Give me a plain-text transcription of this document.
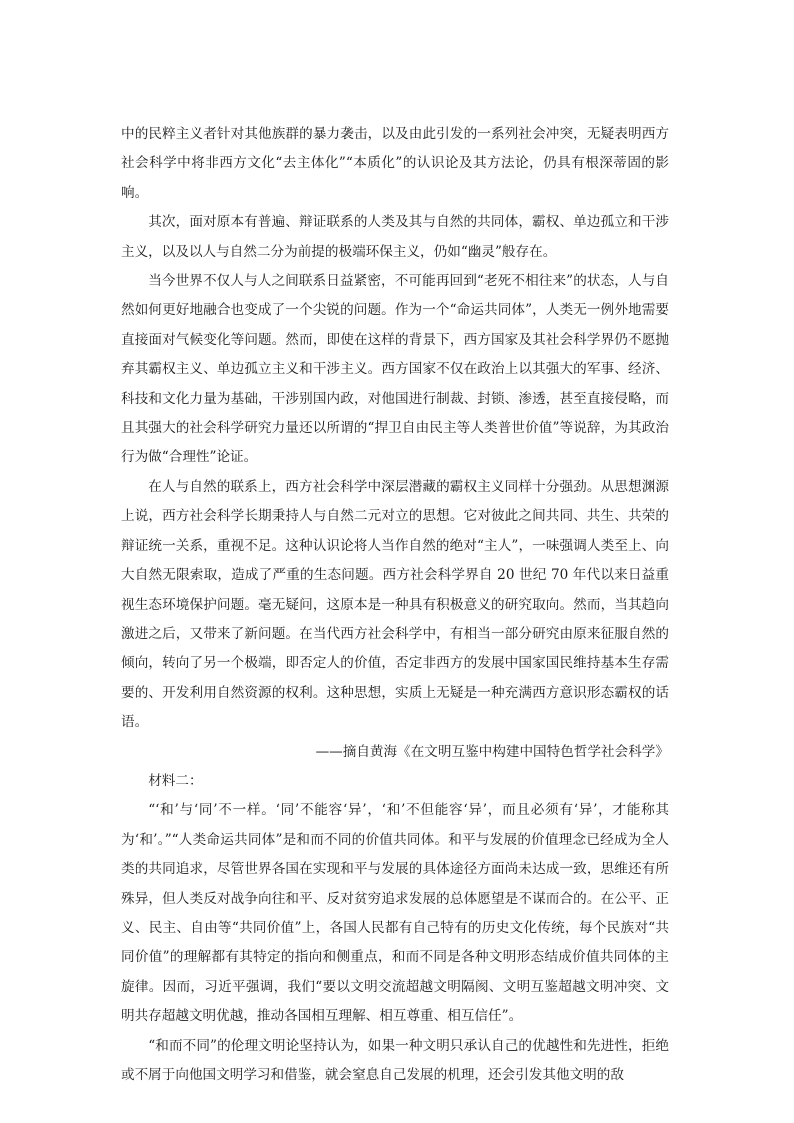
中的民粹主义者针对其他族群的暴力袭击，以及由此引发的一系列社会冲突，无疑表明西方社会科学中将非西方文化“去主体化”“本质化”的认识论及其方法论，仍具有根深蒂固的影响。

其次，面对原本有普遍、辩证联系的人类及其与自然的共同体，霸权、单边孤立和干涉主义，以及以人与自然二分为前提的极端环保主义，仍如“幽灵”般存在。

当今世界不仅人与人之间联系日益紧密，不可能再回到“老死不相往来”的状态，人与自然如何更好地融合也变成了一个尖锐的问题。作为一个“命运共同体”，人类无一例外地需要直接面对气候变化等问题。然而，即使在这样的背景下，西方国家及其社会科学界仍不愿抛弃其霸权主义、单边孤立主义和干涉主义。西方国家不仅在政治上以其强大的军事、经济、科技和文化力量为基础，干涉别国内政，对他国进行制裁、封锁、渗透，甚至直接侵略，而且其强大的社会科学研究力量还以所谓的“捍卫自由民主等人类普世价值”等说辞，为其政治行为做“合理性”论证。

在人与自然的联系上，西方社会科学中深层潜藏的霸权主义同样十分强劲。从思想渊源上说，西方社会科学长期秉持人与自然二元对立的思想。它对彼此之间共同、共生、共荣的辩证统一关系，重视不足。这种认识论将人当作自然的绝对“主人”，一味强调人类至上、向大自然无限索取，造成了严重的生态问题。西方社会科学界自 20 世纪 70 年代以来日益重视生态环境保护问题。毫无疑问，这原本是一种具有积极意义的研究取向。然而，当其趋向激进之后，又带来了新问题。在当代西方社会科学中，有相当一部分研究由原来征服自然的倾向，转向了另一个极端，即否定人的价值，否定非西方的发展中国家国民维持基本生存需要的、开发利用自然资源的权利。这种思想，实质上无疑是一种充满西方意识形态霸权的话语。

——摘自黄海《在文明互鉴中构建中国特色哲学社会科学》

材料二：

“‘和’与‘同’不一样。‘同’不能容‘异’，‘和’不但能容‘异’，而且必须有‘异’，才能称其为‘和’。”“人类命运共同体”是和而不同的价值共同体。和平与发展的价值理念已经成为全人类的共同追求，尽管世界各国在实现和平与发展的具体途径方面尚未达成一致，思维还有所殊异，但人类反对战争向往和平、反对贫穷追求发展的总体愿望是不谋而合的。在公平、正义、民主、自由等“共同价值”上，各国人民都有自己特有的历史文化传统，每个民族对“共同价值”的理解都有其特定的指向和侧重点，和而不同是各种文明形态结成价值共同体的主旋律。因而，习近平强调，我们“要以文明交流超越文明隔阂、文明互鉴超越文明冲突、文明共存超越文明优越，推动各国相互理解、相互尊重、相互信任”。

“和而不同”的伦理文明论坚持认为，如果一种文明只承认自己的优越性和先进性，拒绝或不屑于向他国文明学习和借鉴，就会窒息自己发展的机理，还会引发其他文明的敌
